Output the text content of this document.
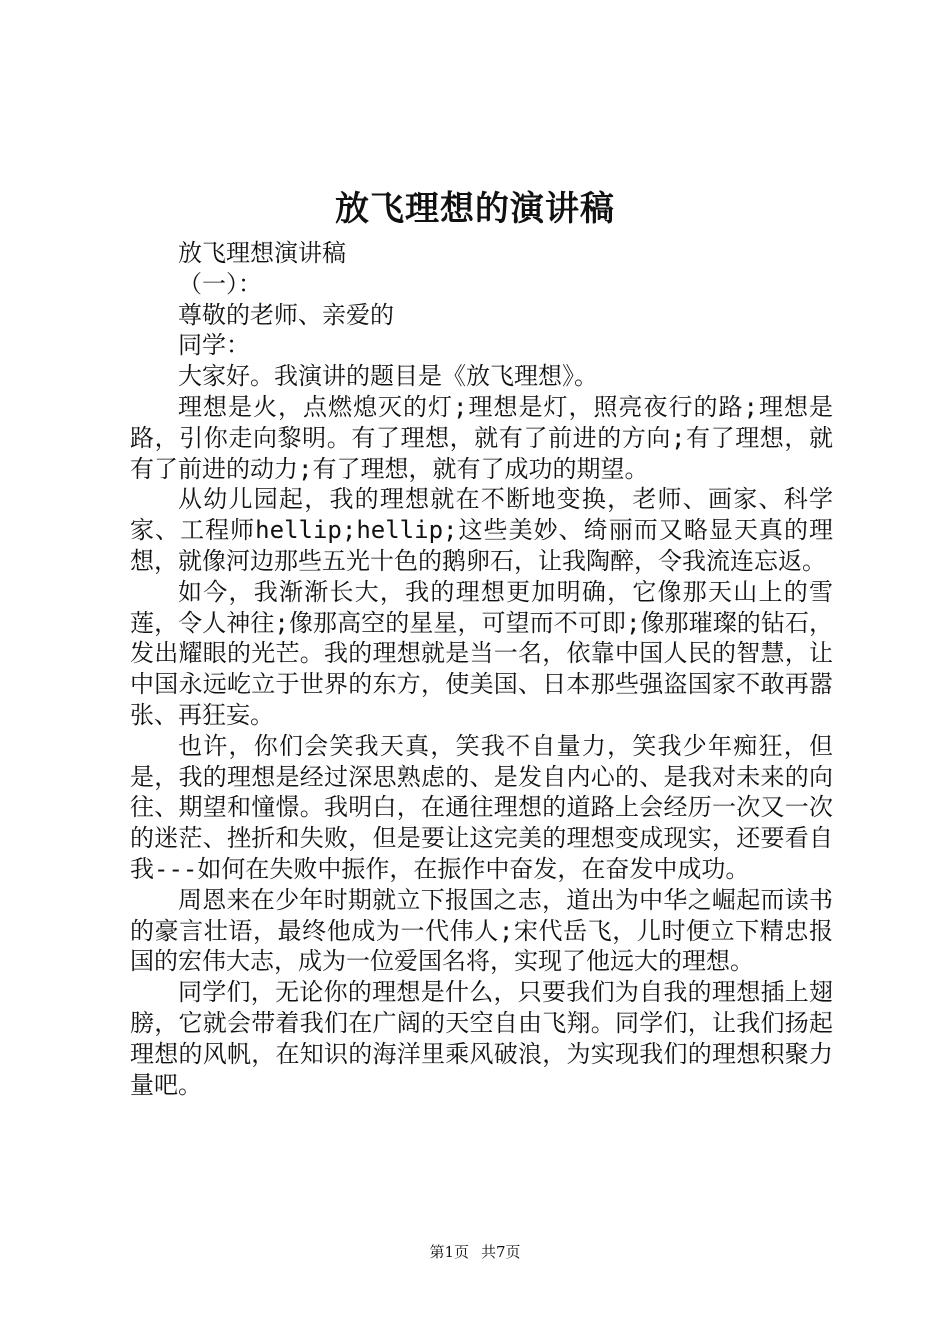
放飞理想的演讲稿

放飞理想演讲稿

（一）：

尊敬的老师、亲爱的

同学：

大家好。我演讲的题目是《放飞理想》。

理想是火，点燃熄灭的灯;理想是灯，照亮夜行的路;理想是路，引你走向黎明。有了理想，就有了前进的方向;有了理想，就有了前进的动力;有了理想，就有了成功的期望。

从幼儿园起，我的理想就在不断地变换，老师、画家、科学家、工程师hellip;hellip;这些美妙、绮丽而又略显天真的理想，就像河边那些五光十色的鹅卵石，让我陶醉，令我流连忘返。

如今，我渐渐长大，我的理想更加明确，它像那天山上的雪莲，令人神往;像那高空的星星，可望而不可即;像那璀璨的钻石，发出耀眼的光芒。我的理想就是当一名，依靠中国人民的智慧，让中国永远屹立于世界的东方，使美国、日本那些强盗国家不敢再嚣张、再狂妄。

也许，你们会笑我天真，笑我不自量力，笑我少年痴狂，但是，我的理想是经过深思熟虑的、是发自内心的、是我对未来的向往、期望和憧憬。我明白，在通往理想的道路上会经历一次又一次的迷茫、挫折和失败，但是要让这完美的理想变成现实，还要看自我---如何在失败中振作，在振作中奋发，在奋发中成功。

周恩来在少年时期就立下报国之志，道出为中华之崛起而读书的豪言壮语，最终他成为一代伟人;宋代岳飞，儿时便立下精忠报国的宏伟大志，成为一位爱国名将，实现了他远大的理想。

同学们，无论你的理想是什么，只要我们为自我的理想插上翅膀，它就会带着我们在广阔的天空自由飞翔。同学们，让我们扬起理想的风帆，在知识的海洋里乘风破浪，为实现我们的理想积聚力量吧。

第1页 共7页
